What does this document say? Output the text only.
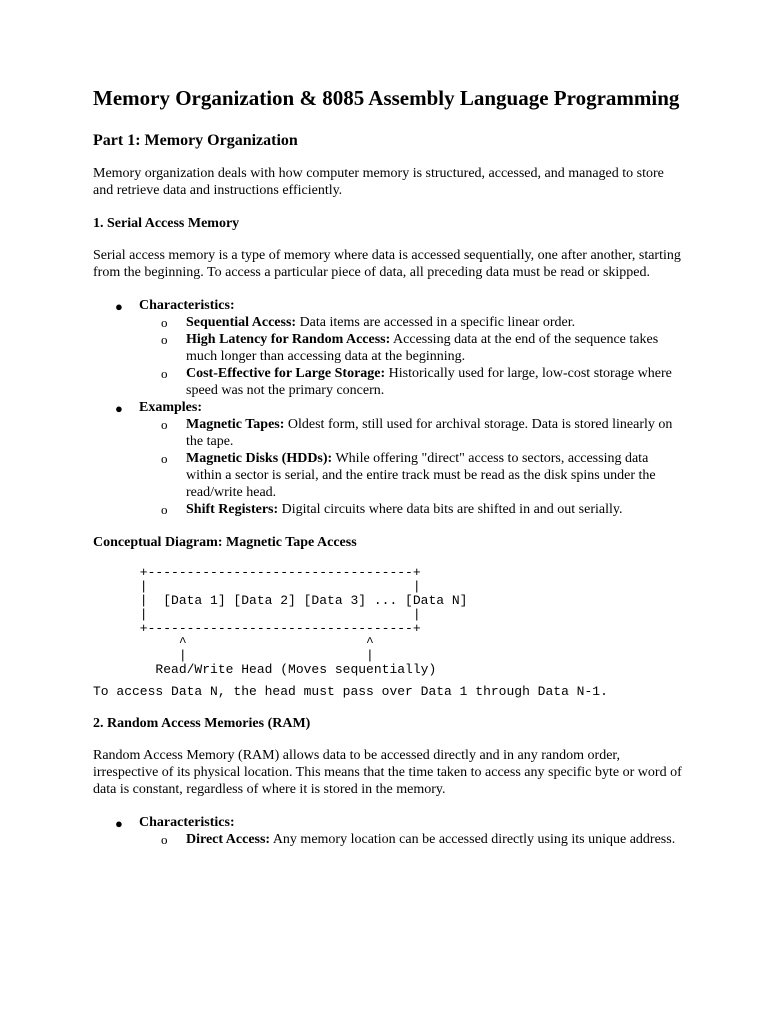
Memory Organization & 8085 Assembly Language Programming
Part 1: Memory Organization

Memory organization deals with how computer memory is structured, accessed, and managed to store and retrieve data and instructions efficiently.

1. Serial Access Memory

Serial access memory is a type of memory where data is accessed sequentially, one after another, starting from the beginning. To access a particular piece of data, all preceding data must be read or skipped.

● Characteristics:
o Sequential Access: Data items are accessed in a specific linear order.
o High Latency for Random Access: Accessing data at the end of the sequence takes much longer than accessing data at the beginning.
o Cost-Effective for Large Storage: Historically used for large, low-cost storage where speed was not the primary concern.
● Examples:
o Magnetic Tapes: Oldest form, still used for archival storage. Data is stored linearly on the tape.
o Magnetic Disks (HDDs): While offering "direct" access to sectors, accessing data within a sector is serial, and the entire track must be read as the disk spins under the read/write head.
o Shift Registers: Digital circuits where data bits are shifted in and out serially.
Conceptual Diagram: Magnetic Tape Access
+----------------------------------+
|                                  |
|  [Data 1] [Data 2] [Data 3] ... [Data N]
|                                  |
+----------------------------------+
^                       ^
|                       |
Read/Write Head (Moves sequentially)
To access Data N, the head must pass over Data 1 through Data N-1.
2. Random Access Memories (RAM)

Random Access Memory (RAM) allows data to be accessed directly and in any random order, irrespective of its physical location. This means that the time taken to access any specific byte or word of data is constant, regardless of where it is stored in the memory.

● Characteristics:
o Direct Access: Any memory location can be accessed directly using its unique address.
